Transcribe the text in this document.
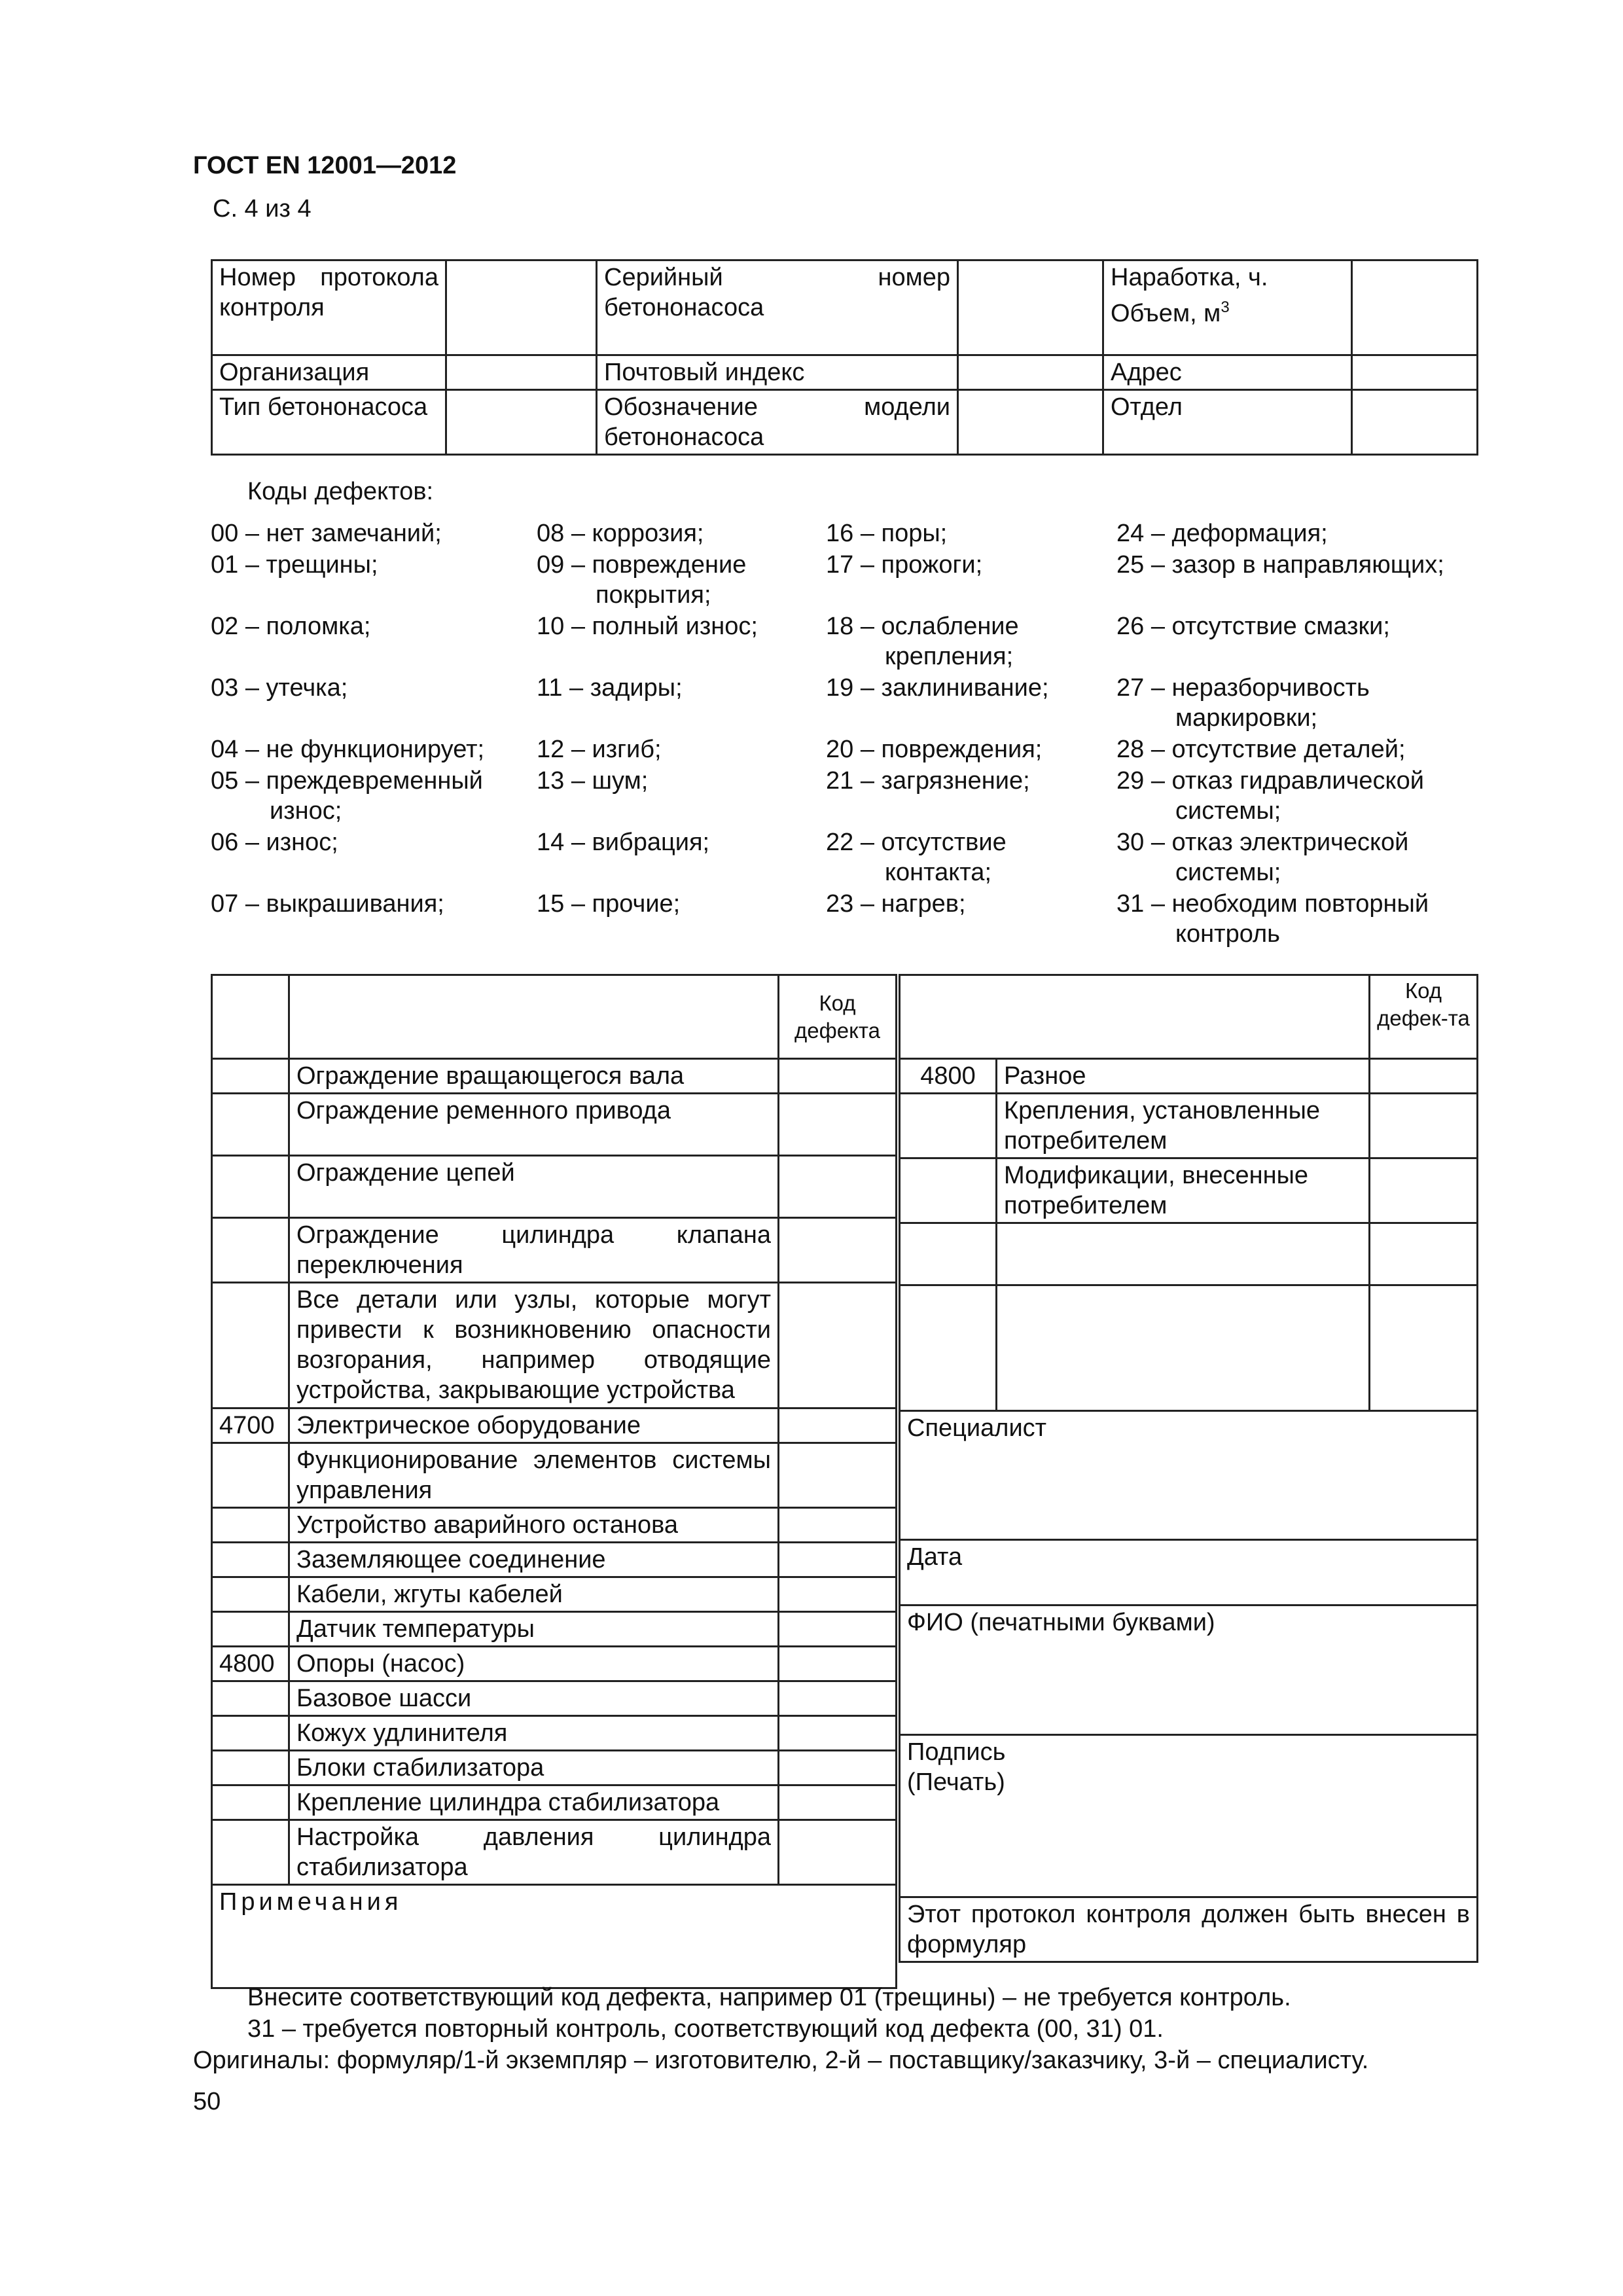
ГОСТ EN 12001—2012
С. 4 из 4
Номер протокола контроля		Серийный номер бетононасоса		Наработка, ч.
Объем, $м^3$

Организация		Почтовый индекс		Адрес	
Тип бетононасоса		Обозначение модели бетононасоса		Отдел	
Коды дефектов:
00 – нет замечаний;
01 – трещины;
02 – поломка;
03 – утечка;
04 – не функционирует;
05 – преждевременный
износ;
06 – износ;
07 – выкрашивания;
08 – коррозия;
09 – повреждение
покрытия;
10 – полный износ;
11 – задиры;
12 – изгиб;
13 – шум;
14 – вибрация;
15 – прочие;
16 – поры;
17 – прожоги;
18 – ослабление
крепления;
19 – заклинивание;
20 – повреждения;
21 – загрязнение;
22 – отсутствие
контакта;
23 – нагрев;
24 – деформация;
25 – зазор в направляющих;
26 – отсутствие смазки;
27 – неразборчивость
маркировки;
28 – отсутствие деталей;
29 – отказ гидравлической
системы;
30 – отказ электрической
системы;
31 – необходим повторный
контроль
		Код дефекта
	Ограждение вращающегося вала	
	Ограждение ременного привода	
	Ограждение цепей	
	Ограждение цилиндра клапана переключения	
	Все детали или узлы, которые могут привести к возникновению опасности возгорания, например отводящие устройства, закрывающие устройства	
4700	Электрическое оборудование	
	Функционирование элементов системы управления	
	Устройство аварийного останова	
	Заземляющее соединение	
	Кабели, жгуты кабелей	
	Датчик температуры	
4800	Опоры (насос)	
	Базовое шасси	
	Кожух удлинителя	
	Блоки стабилизатора	
	Крепление цилиндра стабилизатора	
	Настройка давления цилиндра стабилизатора	
Примечания		
		Код дефек-та
4800	Разное	
	Крепления, установленные потребителем	
	Модификации, внесенные потребителем	

Специалист		
Дата		
ФИО (печатными буквами)		

Подпись
(Печать)		

Этот протокол контроля должен быть внесен в формуляр		
Внесите соответствующий код дефекта, например 01 (трещины) – не требуется контроль.
31 – требуется повторный контроль, соответствующий код дефекта (00, 31) 01.
Оригиналы: формуляр/1-й экземпляр – изготовителю, 2-й – поставщику/заказчику, 3-й – специалисту.
50
